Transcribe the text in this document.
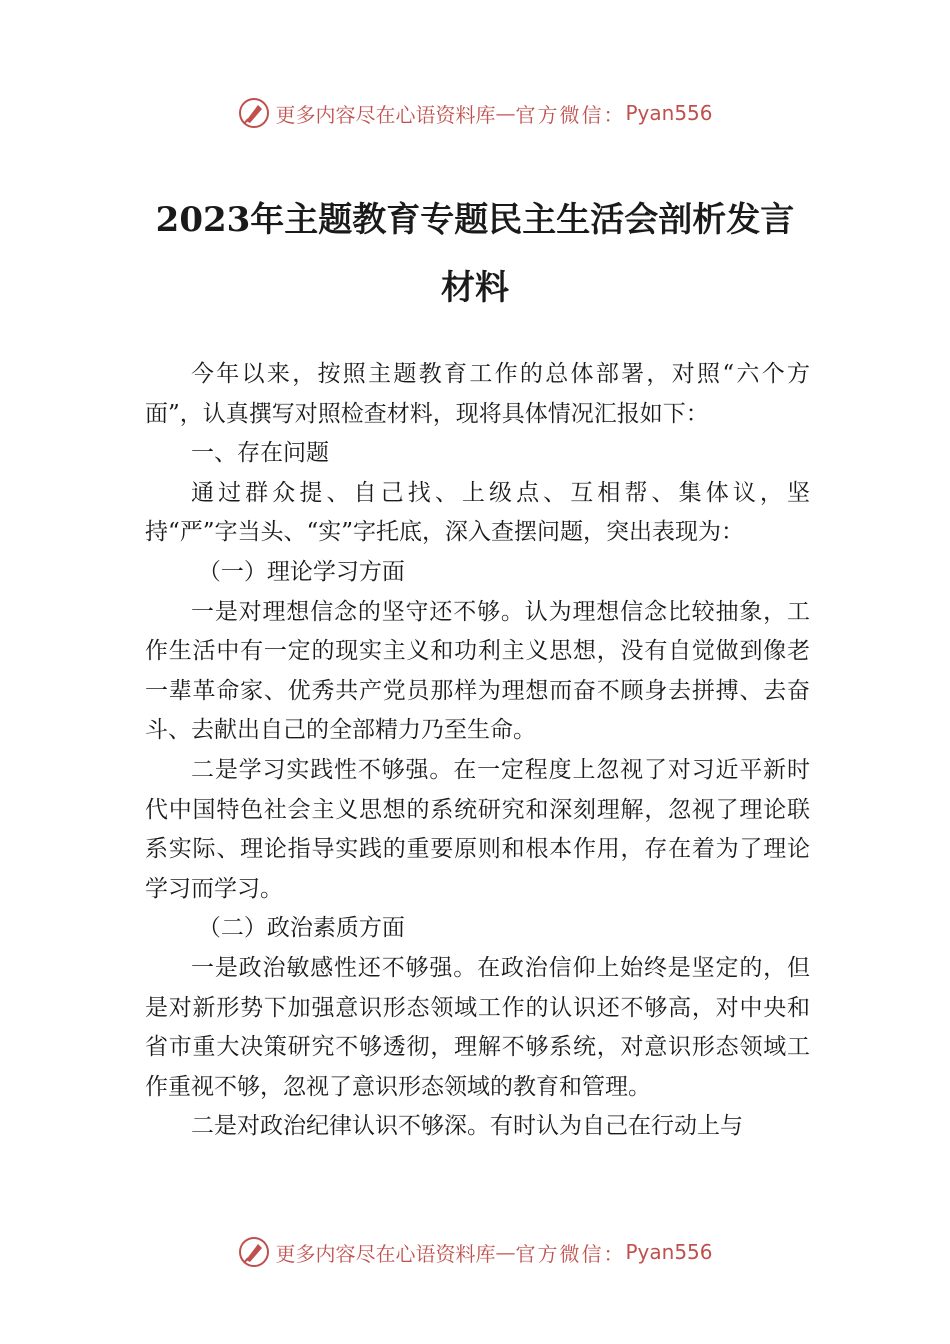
更多内容尽在心语资料库 — 官方微信： Pyan556
2023年主题教育专题民主生活会剖析发言
材料

今年以来，按照主题教育工作的总体部署，对照“六个方面”，认真撰写对照检查材料，现将具体情况汇报如下：

一、存在问题

通过群众提、自己找、上级点、互相帮、集体议，坚持“严”字当头、“实”字托底，深入查摆问题，突出表现为：

（一）理论学习方面

一是对理想信念的坚守还不够。认为理想信念比较抽象，工作生活中有一定的现实主义和功利主义思想，没有自觉做到像老一辈革命家、优秀共产党员那样为理想而奋不顾身去拼搏、去奋斗、去献出自己的全部精力乃至生命。

二是学习实践性不够强。在一定程度上忽视了对习近平新时代中国特色社会主义思想的系统研究和深刻理解，忽视了理论联系实际、理论指导实践的重要原则和根本作用，存在着为了理论学习而学习。

（二）政治素质方面

一是政治敏感性还不够强。在政治信仰上始终是坚定的，但是对新形势下加强意识形态领域工作的认识还不够高，对中央和省市重大决策研究不够透彻，理解不够系统，对意识形态领域工作重视不够，忽视了意识形态领域的教育和管理。

二是对政治纪律认识不够深。有时认为自己在行动上与

更多内容尽在心语资料库 — 官方微信： Pyan556
